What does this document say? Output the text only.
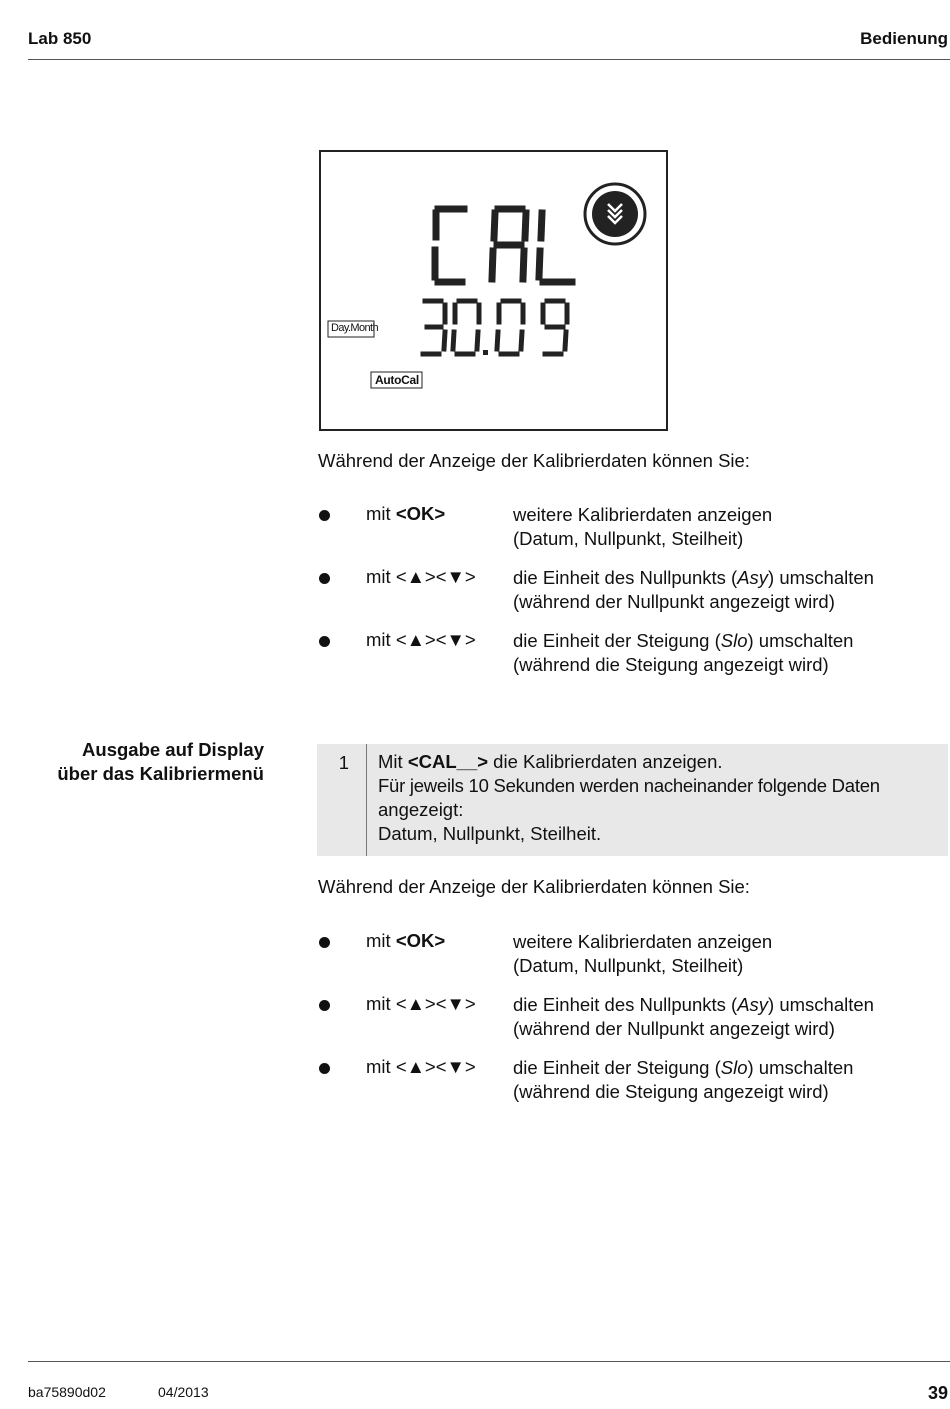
Lab 850	Bedienung
Day.Month
AutoCal
Während der Anzeige der Kalibrierdaten können Sie:
mit <OK>	weitere Kalibrierdaten anzeigen
(Datum, Nullpunkt, Steilheit)
mit <▲><▼> die Einheit des Nullpunkts (Asy) umschalten
(während der Nullpunkt angezeigt wird)
mit <▲><▼> die Einheit der Steigung (Slo) umschalten
(während die Steigung angezeigt wird)
Ausgabe auf Display
über das Kalibriermenü
1 Mit <CAL__> die Kalibrierdaten anzeigen.
Für jeweils 10 Sekunden werden nacheinander folgende Daten
angezeigt:
Datum, Nullpunkt, Steilheit.
Während der Anzeige der Kalibrierdaten können Sie:
mit <OK>	weitere Kalibrierdaten anzeigen
(Datum, Nullpunkt, Steilheit)
mit <▲><▼> die Einheit des Nullpunkts (Asy) umschalten
(während der Nullpunkt angezeigt wird)
mit <▲><▼> die Einheit der Steigung (Slo) umschalten
(während die Steigung angezeigt wird)
ba75890d02	04/2013	39
